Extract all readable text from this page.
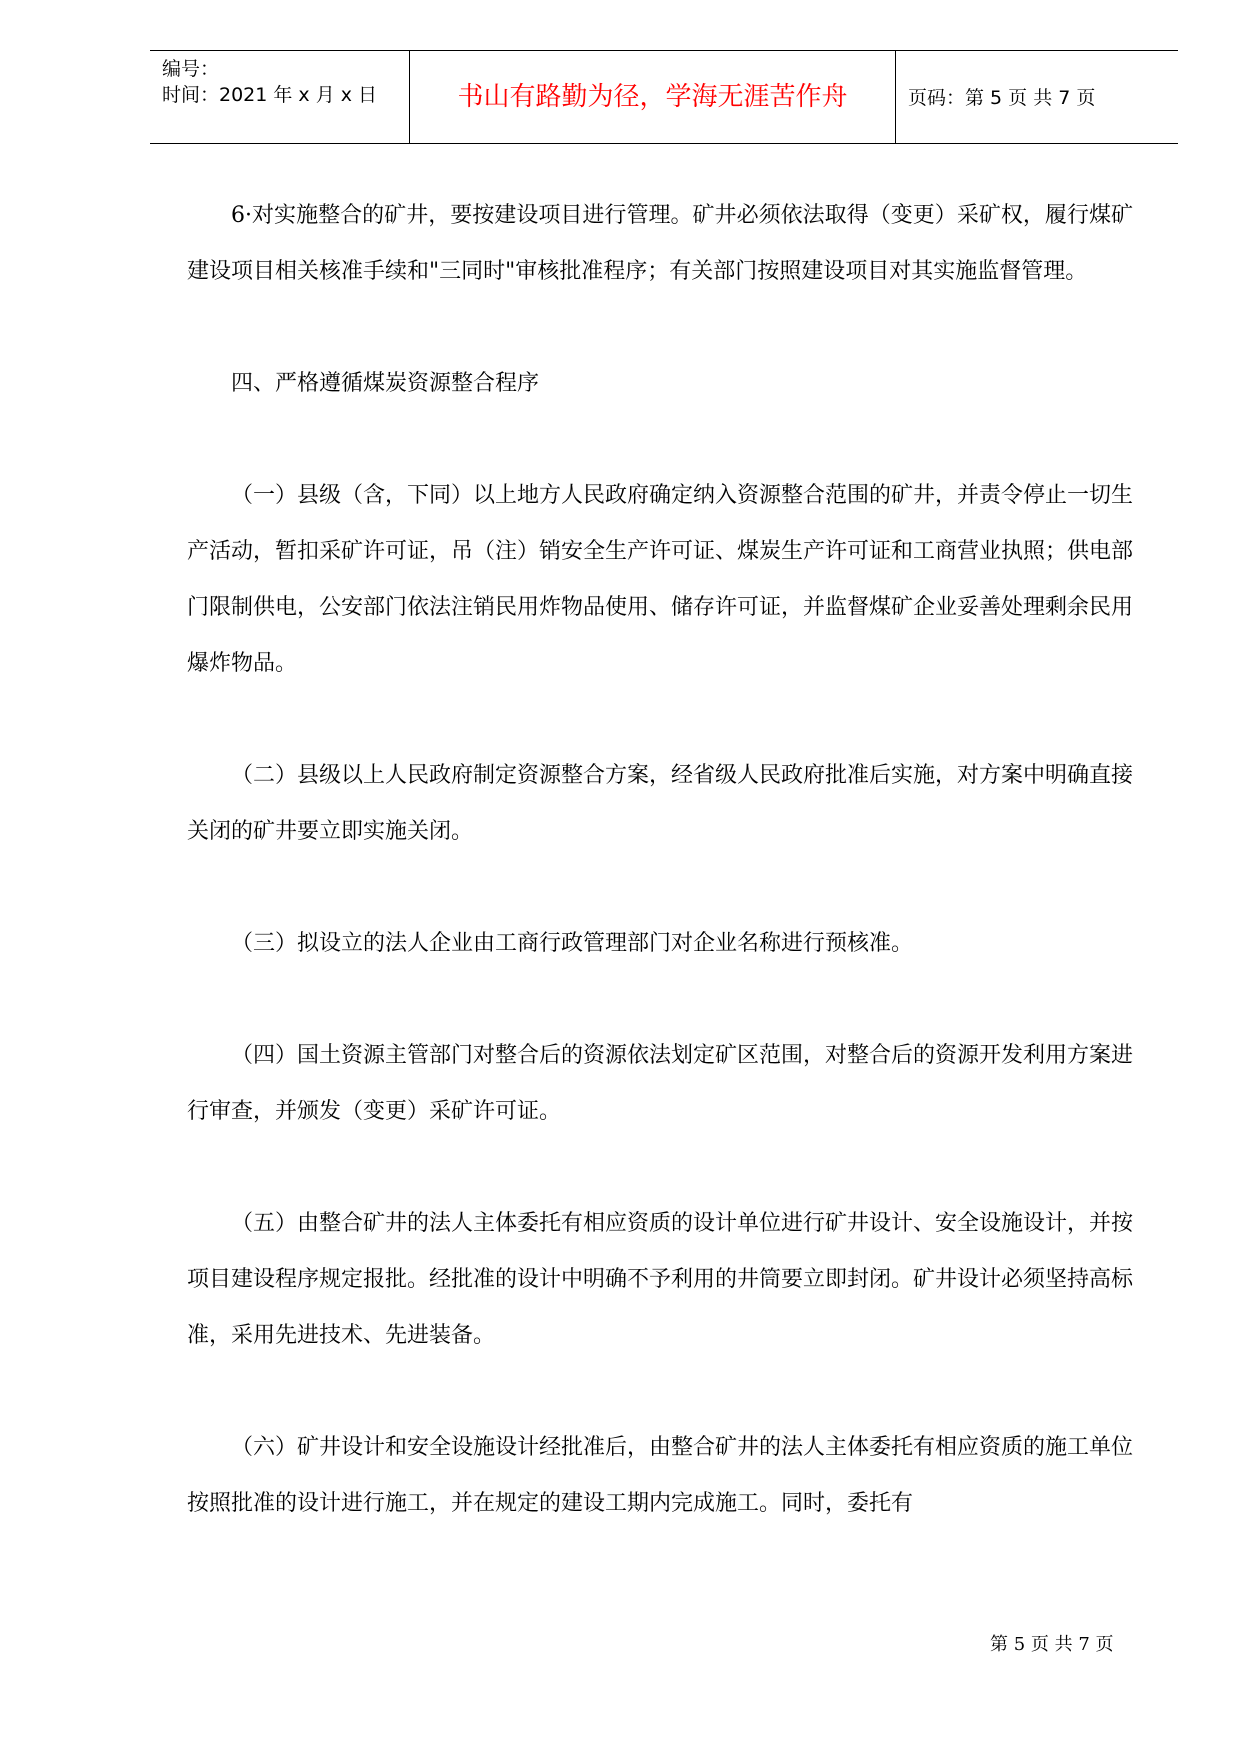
编号：
时间：2021 年 x 月 x 日	书山有路勤为径，学海无涯苦作舟	页码：第 5 页 共 7 页

6·对实施整合的矿井，要按建设项目进行管理。矿井必须依法取得（变更）采矿权，履行煤矿建设项目相关核准手续和"三同时"审核批准程序；有关部门按照建设项目对其实施监督管理。

四、严格遵循煤炭资源整合程序

（一）县级（含，下同）以上地方人民政府确定纳入资源整合范围的矿井，并责令停止一切生产活动，暂扣采矿许可证，吊（注）销安全生产许可证、煤炭生产许可证和工商营业执照；供电部门限制供电，公安部门依法注销民用炸物品使用、储存许可证，并监督煤矿企业妥善处理剩余民用爆炸物品。

（二）县级以上人民政府制定资源整合方案，经省级人民政府批准后实施，对方案中明确直接关闭的矿井要立即实施关闭。

（三）拟设立的法人企业由工商行政管理部门对企业名称进行预核准。

（四）国土资源主管部门对整合后的资源依法划定矿区范围，对整合后的资源开发利用方案进行审查，并颁发（变更）采矿许可证。

（五）由整合矿井的法人主体委托有相应资质的设计单位进行矿井设计、安全设施设计，并按项目建设程序规定报批。经批准的设计中明确不予利用的井筒要立即封闭。矿井设计必须坚持高标准，采用先进技术、先进装备。

（六）矿井设计和安全设施设计经批准后，由整合矿井的法人主体委托有相应资质的施工单位按照批准的设计进行施工，并在规定的建设工期内完成施工。同时，委托有

第 5 页 共 7 页
